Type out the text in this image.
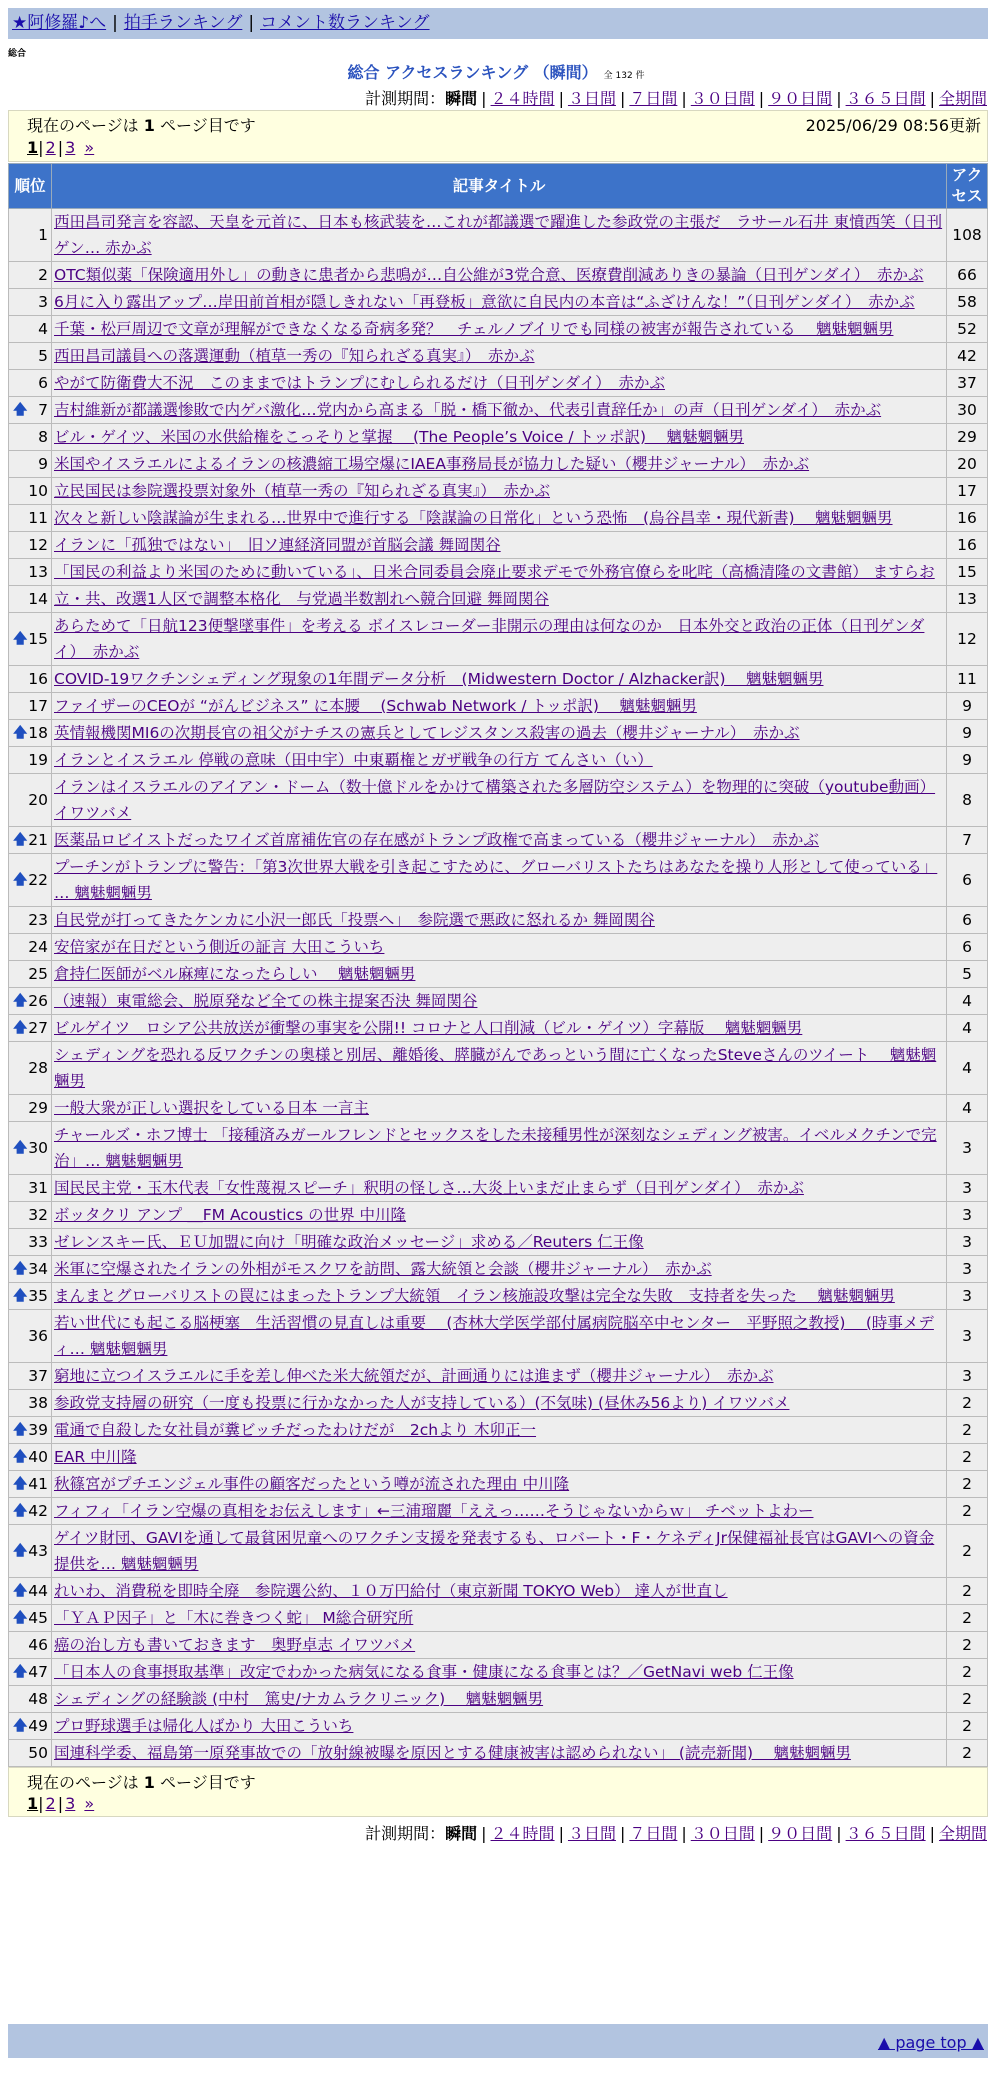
★阿修羅♪へ | 拍手ランキング | コメント数ランキング
総合
総合 アクセスランキング （瞬間） 全 132 件
計測期間：瞬間 | ２４時間 | ３日間 | ７日間 | ３０日間 | ９０日間 | ３６５日間 | 全期間
現在のページは 1 ページ目です	2025/06/29 08:56更新
1| 2 | 3 »
順位	記事タイトル	アクセス
1	西田昌司発言を容認、天皇を元首に、日本も核武装を…これが都議選で躍進した参政党の主張だ　ラサール石井 東憤西笑（日刊ゲン… 赤かぶ	108
2	OTC類似薬「保険適用外し」の動きに患者から悲鳴が…自公維が3党合意、医療費削減ありきの暴論（日刊ゲンダイ）　赤かぶ	66
3	6月に入り露出アップ…岸田前首相が隠しきれない「再登板」意欲に自民内の本音は“ふざけんな！”（日刊ゲンダイ）　赤かぶ	58
4	千葉・松戸周辺で文章が理解ができなくなる奇病多発？　チェルノブイリでも同様の被害が報告されている　 魑魅魍魎男	52
5	西田昌司議員への落選運動（植草一秀の『知られざる真実』）　赤かぶ	42
6	やがて防衛費大不況　このままではトランプにむしられるだけ（日刊ゲンダイ）　赤かぶ	37

🡅 7	吉村維新が都議選惨敗で内ゲバ激化…党内から高まる「脱・橋下徹か、代表引責辞任か」の声（日刊ゲンダイ）　赤かぶ	30
8	ビル・ゲイツ、米国の水供給権をこっそりと掌握　 (The People’s Voice / トッポ訳)　 魑魅魍魎男	29
9	米国やイスラエルによるイランの核濃縮工場空爆にIAEA事務局長が協力した疑い（櫻井ジャーナル）　赤かぶ	20
10	立民国民は参院選投票対象外（植草一秀の『知られざる真実』）　赤かぶ	17
11	次々と新しい陰謀論が生まれる…世界中で進行する「陰謀論の日常化」という恐怖　(烏谷昌幸・現代新書)　 魑魅魍魎男	16
12	イランに「孤独ではない」　旧ソ連経済同盟が首脳会議 舞岡関谷	16
13	「国民の利益より米国のために動いている」、日米合同委員会廃止要求デモで外務官僚らを叱咤（高橋清隆の文書館） ますらお	15
14	立・共、改選1人区で調整本格化　与党過半数割れへ競合回避 舞岡関谷	13

🡅 15	あらためて「日航123便撃墜事件」を考える ボイスレコーダー非開示の理由は何なのか　日本外交と政治の正体（日刊ゲンダイ）　赤かぶ	12
16	COVID-19ワクチンシェディング現象の1年間データ分析　(Midwestern Doctor / Alzhacker訳)　 魑魅魍魎男	11
17	ファイザーのCEOが “がんビジネス” に本腰　 (Schwab Network / トッポ訳)　 魑魅魍魎男	9

🡅 18	英情報機関MI6の次期長官の祖父がナチスの憲兵としてレジスタンス殺害の過去（櫻井ジャーナル）　赤かぶ	9
19	イランとイスラエル 停戦の意味（田中宇）中東覇権とガザ戦争の行方 てんさい（い）	9
20	イランはイスラエルのアイアン・ドーム（数十億ドルをかけて構築された多層防空システム）を物理的に突破（youtube動画）イワツバメ	8

🡅 21	医薬品ロビイストだったワイズ首席補佐官の存在感がトランプ政権で高まっている（櫻井ジャーナル）　赤かぶ	7

🡅 22	プーチンがトランプに警告：「第3次世界大戦を引き起こすために、グローバリストたちはあなたを操り人形として使っている」 … 魑魅魍魎男	6
23	自民党が打ってきたケンカに小沢一郎氏「投票へ」　参院選で悪政に怒れるか 舞岡関谷	6
24	安倍家が在日だという側近の証言 大田こういち	6
25	倉持仁医師がベル麻痺になったらしい　 魑魅魍魎男	5

🡅 26	（速報）東電総会、脱原発など全ての株主提案否決 舞岡関谷	4

🡅 27	ビルゲイツ　ロシア公共放送が衝撃の事実を公開!! コロナと人口削減（ビル・ゲイツ）字幕版　 魑魅魍魎男	4
28	シェディングを恐れる反ワクチンの奥様と別居、離婚後、膵臓がんであっという間に亡くなったSteveさんのツイート　 魑魅魍魎男	4
29	一般大衆が正しい選択をしている日本 一言主	4

🡅 30	チャールズ・ホフ博士 「接種済みガールフレンドとセックスをした未接種男性が深刻なシェディング被害。イベルメクチンで完治」… 魑魅魍魎男	3
31	国民民主党・玉木代表「女性蔑視スピーチ」釈明の怪しさ…大炎上いまだ止まらず（日刊ゲンダイ）　赤かぶ	3
32	ボッタクリ アンプ ＿FM Acoustics の世界 中川隆	3
33	ゼレンスキー氏、ＥＵ加盟に向け「明確な政治メッセージ」求める／Reuters 仁王像	3

🡅 34	米軍に空爆されたイランの外相がモスクワを訪問、露大統領と会談（櫻井ジャーナル）　赤かぶ	3

🡅 35	まんまとグローバリストの罠にはまったトランプ大統領　イラン核施設攻撃は完全な失敗　支持者を失った　 魑魅魍魎男	3
36	若い世代にも起こる脳梗塞　生活習慣の見直しは重要　 (杏林大学医学部付属病院脳卒中センター　平野照之教授)　 (時事メディ… 魑魅魍魎男	3
37	窮地に立つイスラエルに手を差し伸べた米大統領だが、計画通りには進まず（櫻井ジャーナル）　赤かぶ	3
38	参政党支持層の研究（一度も投票に行かなかった人が支持している）(不気味) (昼休み56より) イワツバメ	2

🡅 39	電通で自殺した女社員が糞ビッチだったわけだが　2chより 木卯正一	2

🡅 40	EAR 中川隆	2

🡅 41	秋篠宮がプチエンジェル事件の顧客だったという噂が流された理由 中川隆	2

🡅 42	フィフィ「イラン空爆の真相をお伝えします」←三浦瑠麗「ええっ……そうじゃないからｗ」 チベットよわー	2

🡅 43	ゲイツ財団、GAVIを通して最貧困児童へのワクチン支援を発表するも、ロバート・F・ケネディJr保健福祉長官はGAVIへの資金提供を… 魑魅魍魎男	2

🡅 44	れいわ、消費税を即時全廃　参院選公約、１０万円給付（東京新聞 TOKYO Web） 達人が世直し	2

🡅 45	「ＹＡＰ因子」と「木に巻きつく蛇」 M総合研究所	2
46	癌の治し方も書いておきます　奥野卓志 イワツバメ	2

🡅 47	「日本人の食事摂取基準」改定でわかった病気になる食事・健康になる食事とは？／GetNavi web 仁王像	2
48	シェディングの経験談 (中村　篤史/ナカムラクリニック)　 魑魅魍魎男	2

🡅 49	プロ野球選手は帰化人ばかり 大田こういち	2
50	国連科学委、福島第一原発事故での「放射線被曝を原因とする健康被害は認められない」 (読売新聞)　 魑魅魍魎男	2
現在のページは 1 ページ目です
1| 2 | 3 »
計測期間：瞬間 | ２４時間 | ３日間 | ７日間 | ３０日間 | ９０日間 | ３６５日間 | 全期間
▲ page top ▲
